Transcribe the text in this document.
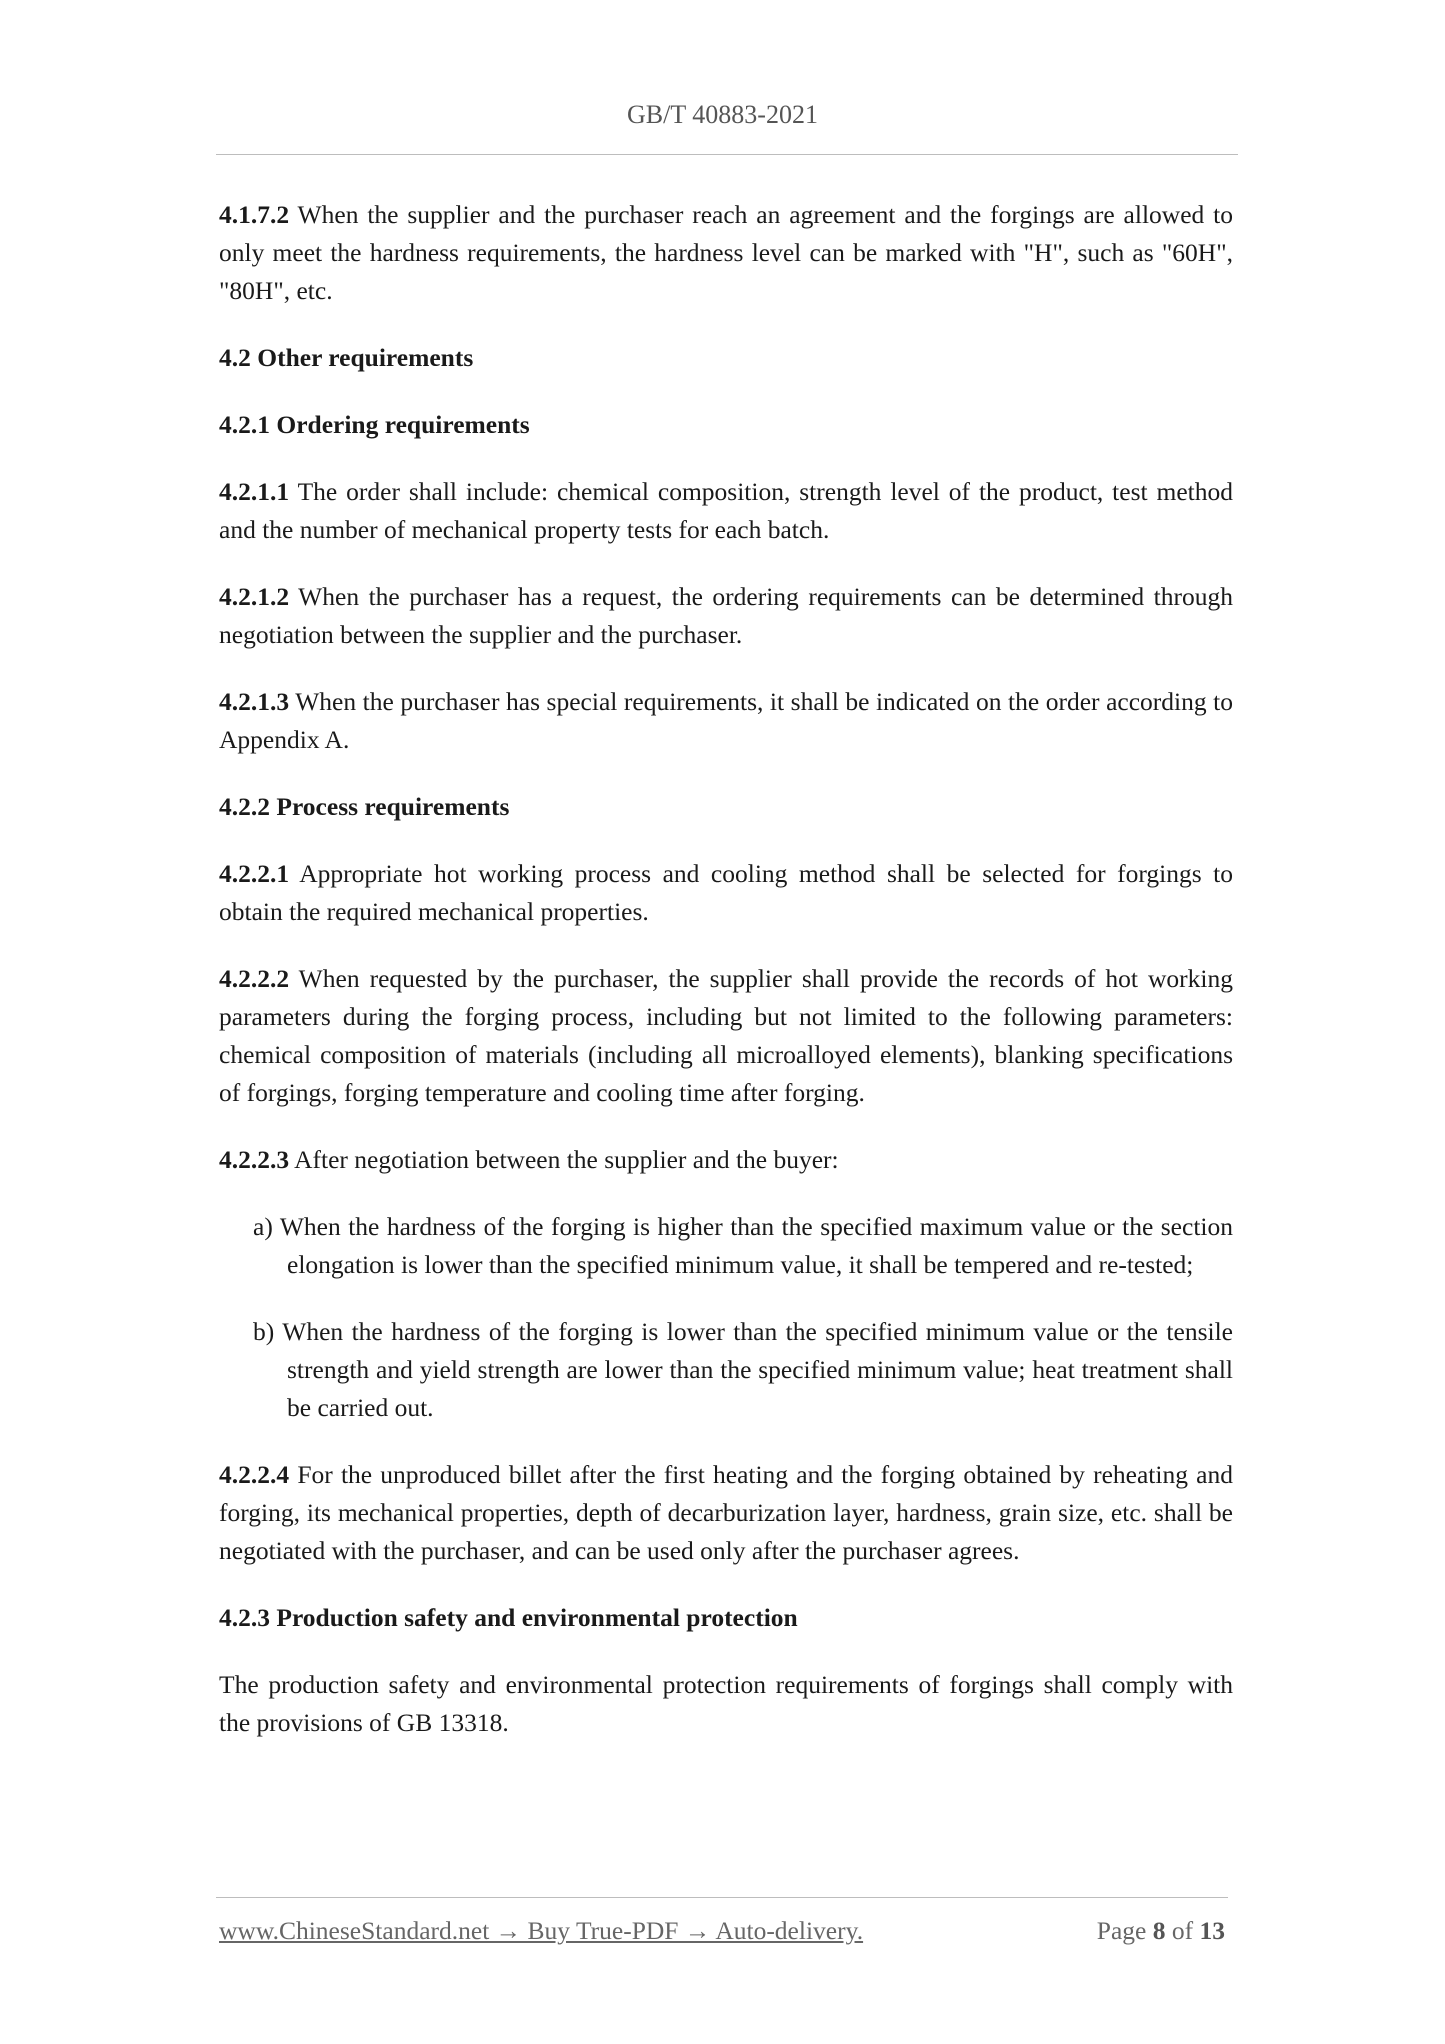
GB/T 40883-2021
4.1.7.2 When the supplier and the purchaser reach an agreement and the forgings are allowed to only meet the hardness requirements, the hardness level can be marked with "H", such as "60H", "80H", etc.
4.2 Other requirements
4.2.1 Ordering requirements
4.2.1.1 The order shall include: chemical composition, strength level of the product, test method and the number of mechanical property tests for each batch.
4.2.1.2 When the purchaser has a request, the ordering requirements can be determined through negotiation between the supplier and the purchaser.
4.2.1.3 When the purchaser has special requirements, it shall be indicated on the order according to Appendix A.
4.2.2 Process requirements
4.2.2.1 Appropriate hot working process and cooling method shall be selected for forgings to obtain the required mechanical properties.
4.2.2.2 When requested by the purchaser, the supplier shall provide the records of hot working parameters during the forging process, including but not limited to the following parameters: chemical composition of materials (including all microalloyed elements), blanking specifications of forgings, forging temperature and cooling time after forging.
4.2.2.3 After negotiation between the supplier and the buyer:
a) When the hardness of the forging is higher than the specified maximum value or the section elongation is lower than the specified minimum value, it shall be tempered and re-tested;
b) When the hardness of the forging is lower than the specified minimum value or the tensile strength and yield strength are lower than the specified minimum value; heat treatment shall be carried out.
4.2.2.4 For the unproduced billet after the first heating and the forging obtained by reheating and forging, its mechanical properties, depth of decarburization layer, hardness, grain size, etc. shall be negotiated with the purchaser, and can be used only after the purchaser agrees.
4.2.3 Production safety and environmental protection
The production safety and environmental protection requirements of forgings shall comply with the provisions of GB 13318.
www.ChineseStandard.net → Buy True-PDF → Auto-delivery.	Page 8 of 13
